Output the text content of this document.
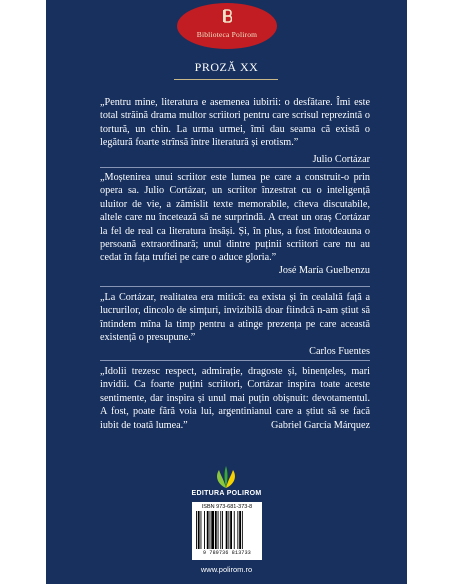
Biblioteca Polirom
PROZĂ XX

„Pentru mine, literatura e asemenea iubirii: o desfătare. Îmi este total străină drama multor scriitori pentru care scrisul reprezintă o tortură, un chin. La urma urmei, îmi dau seama că există o legătură foarte strînsă între literatură și erotism.”

Julio Cortázar

„Moștenirea unui scriitor este lumea pe care a construit-o prin opera sa. Julio Cortázar, un scriitor înzestrat cu o inteligență uluitor de vie, a zămislit texte memorabile, cîteva discutabile, altele care nu încetează să ne surprindă. A creat un oraș Cortázar la fel de real ca literatura însăși. Și, în plus, a fost întotdeauna o persoană extraordinară; unul dintre puținii scriitori care nu au cedat în fața trufiei pe care o aduce gloria.”

José María Guelbenzu

„La Cortázar, realitatea era mitică: ea exista și în cealaltă față a lucrurilor, dincolo de simțuri, invizibilă doar fiindcă n-am știut să întindem mîna la timp pentru a atinge prezența pe care această existență o presupune.”

Carlos Fuentes

„Idolii trezesc respect, admirație, dragoste și, binențeles, mari invidii. Ca foarte puțini scriitori, Cortázar inspira toate aceste sentimente, dar inspira și unul mai puțin obișnuit: devotamentul. A fost, poate fără voia lui, argentinianul care a știut să se facă iubit de toată lumea.”	Gabriel García Márquez
EDITURA POLIROM
ISBN 973-681-373-8
9 789736 813733
www.polirom.ro
